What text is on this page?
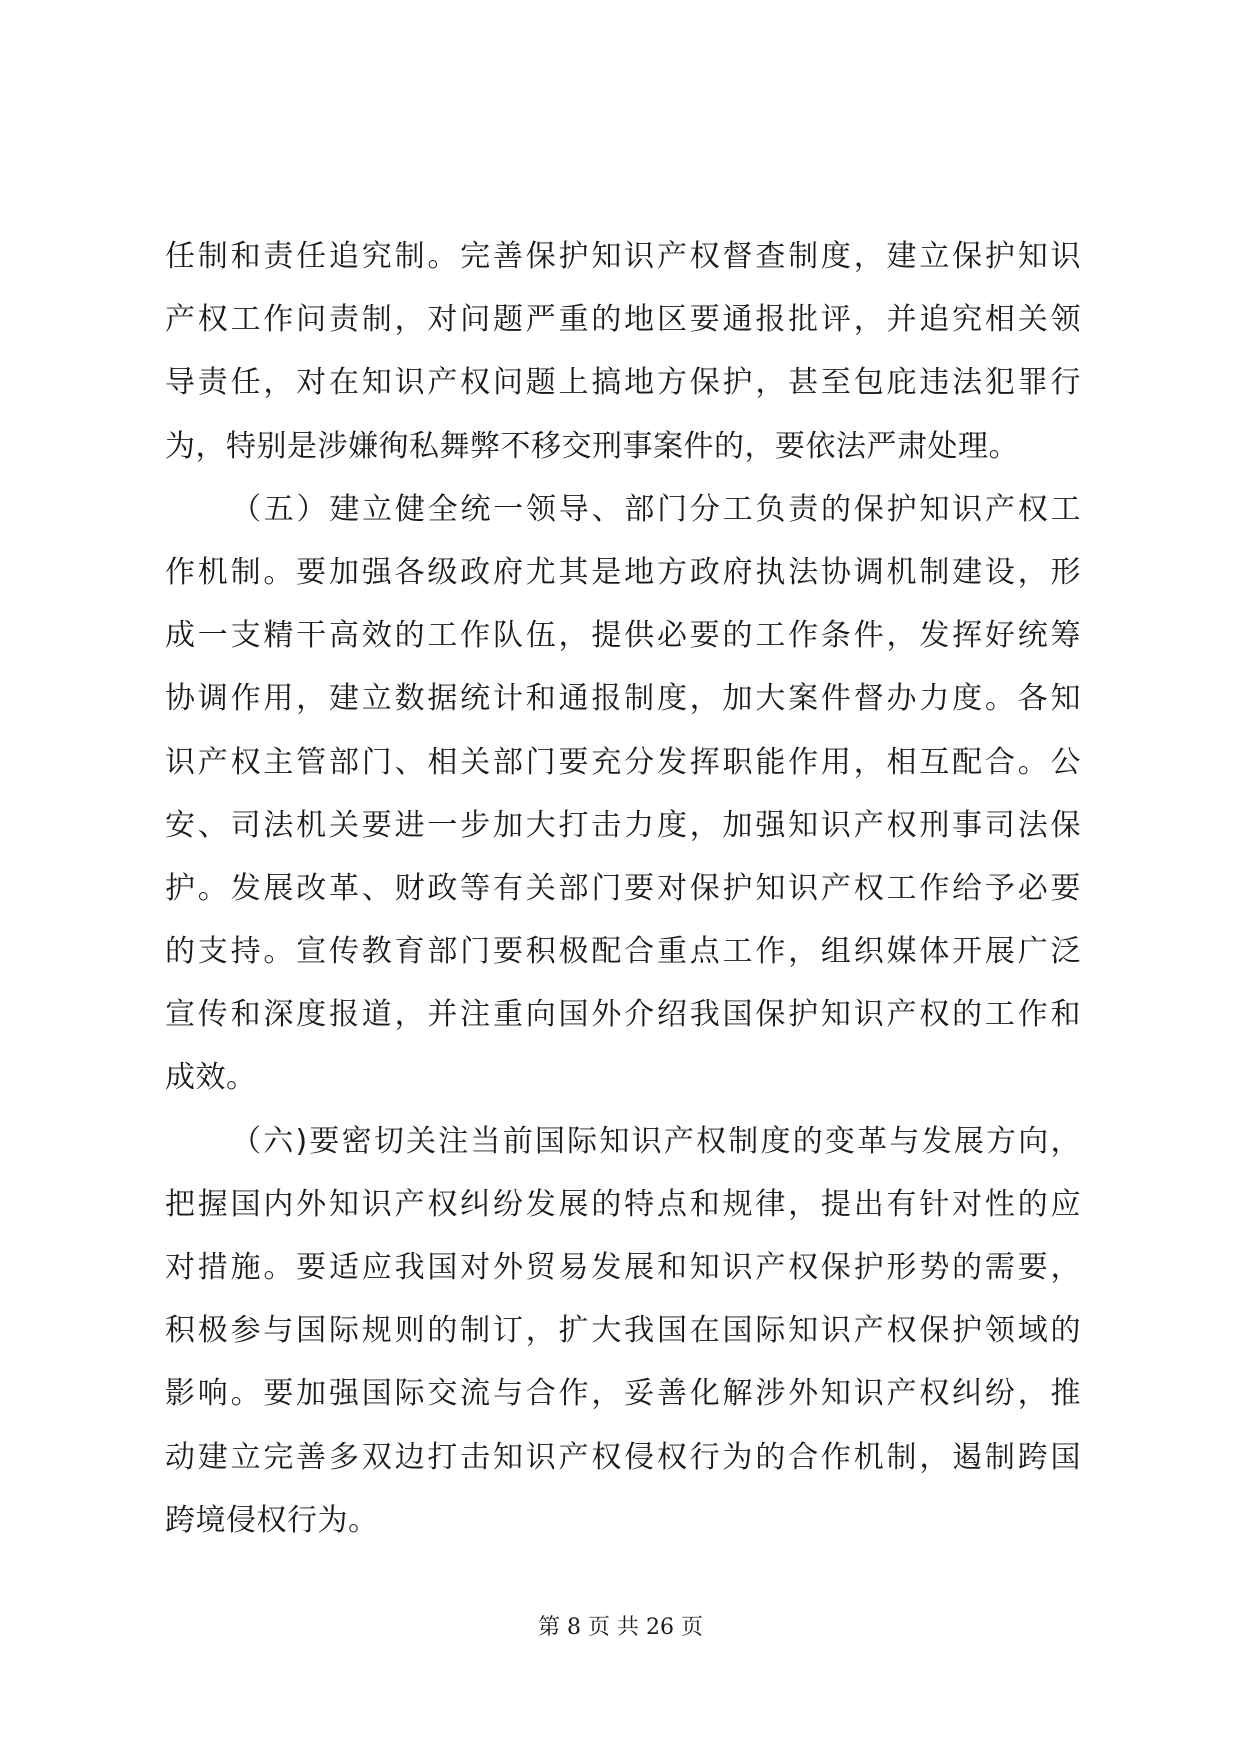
任制和责任追究制。完善保护知识产权督查制度，建立保护知识
产权工作问责制，对问题严重的地区要通报批评，并追究相关领
导责任，对在知识产权问题上搞地方保护，甚至包庇违法犯罪行
为，特别是涉嫌徇私舞弊不移交刑事案件的，要依法严肃处理。
（五）建立健全统一领导、部门分工负责的保护知识产权工
作机制。要加强各级政府尤其是地方政府执法协调机制建设，形
成一支精干高效的工作队伍，提供必要的工作条件，发挥好统筹
协调作用，建立数据统计和通报制度，加大案件督办力度。各知
识产权主管部门、相关部门要充分发挥职能作用，相互配合。公
安、司法机关要进一步加大打击力度，加强知识产权刑事司法保
护。发展改革、财政等有关部门要对保护知识产权工作给予必要
的支持。宣传教育部门要积极配合重点工作，组织媒体开展广泛
宣传和深度报道，并注重向国外介绍我国保护知识产权的工作和
成效。
（六)要密切关注当前国际知识产权制度的变革与发展方向，
把握国内外知识产权纠纷发展的特点和规律，提出有针对性的应
对措施。要适应我国对外贸易发展和知识产权保护形势的需要，
积极参与国际规则的制订，扩大我国在国际知识产权保护领域的
影响。要加强国际交流与合作，妥善化解涉外知识产权纠纷，推
动建立完善多双边打击知识产权侵权行为的合作机制，遏制跨国
跨境侵权行为。
第 8 页 共 26 页
